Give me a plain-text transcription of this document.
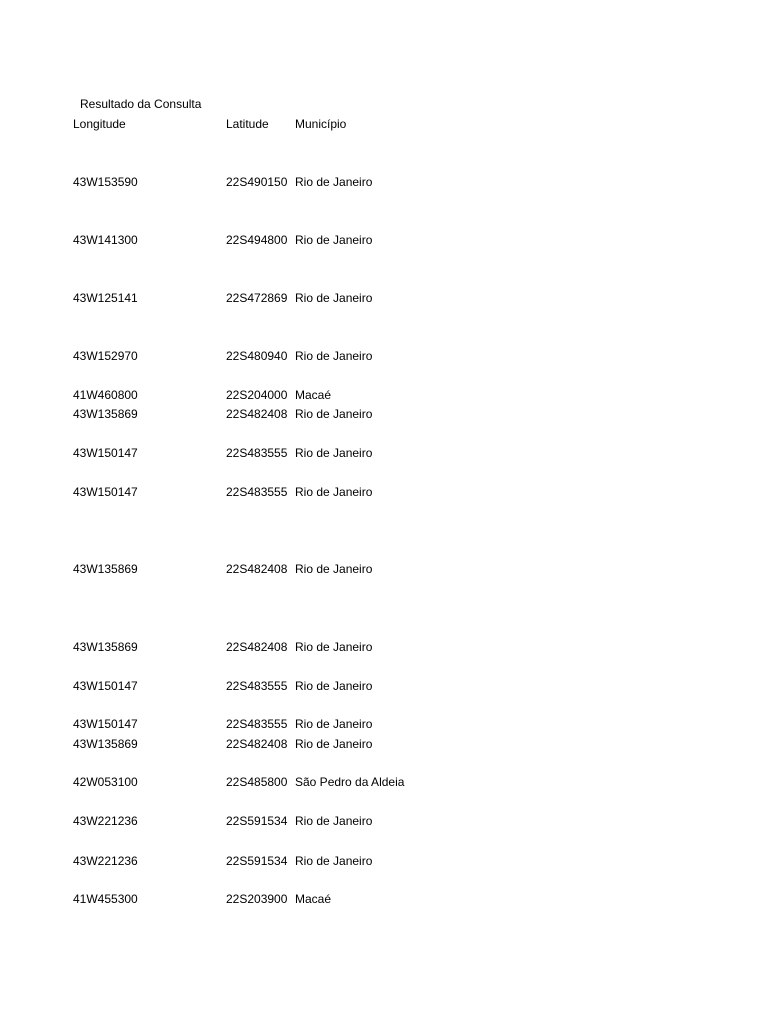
Resultado da Consulta
Longitude	Latitude Município
43W153590	22S490150 Rio de Janeiro
43W141300	22S494800 Rio de Janeiro
43W125141	22S472869 Rio de Janeiro
43W152970	22S480940 Rio de Janeiro
41W460800	22S204000 Macaé
43W135869	22S482408 Rio de Janeiro
43W150147	22S483555 Rio de Janeiro
43W150147	22S483555 Rio de Janeiro
43W135869	22S482408 Rio de Janeiro
43W135869	22S482408 Rio de Janeiro
43W150147	22S483555 Rio de Janeiro
43W150147	22S483555 Rio de Janeiro
43W135869	22S482408 Rio de Janeiro
42W053100	22S485800 São Pedro da Aldeia
43W221236	22S591534 Rio de Janeiro
43W221236	22S591534 Rio de Janeiro
41W455300	22S203900 Macaé
